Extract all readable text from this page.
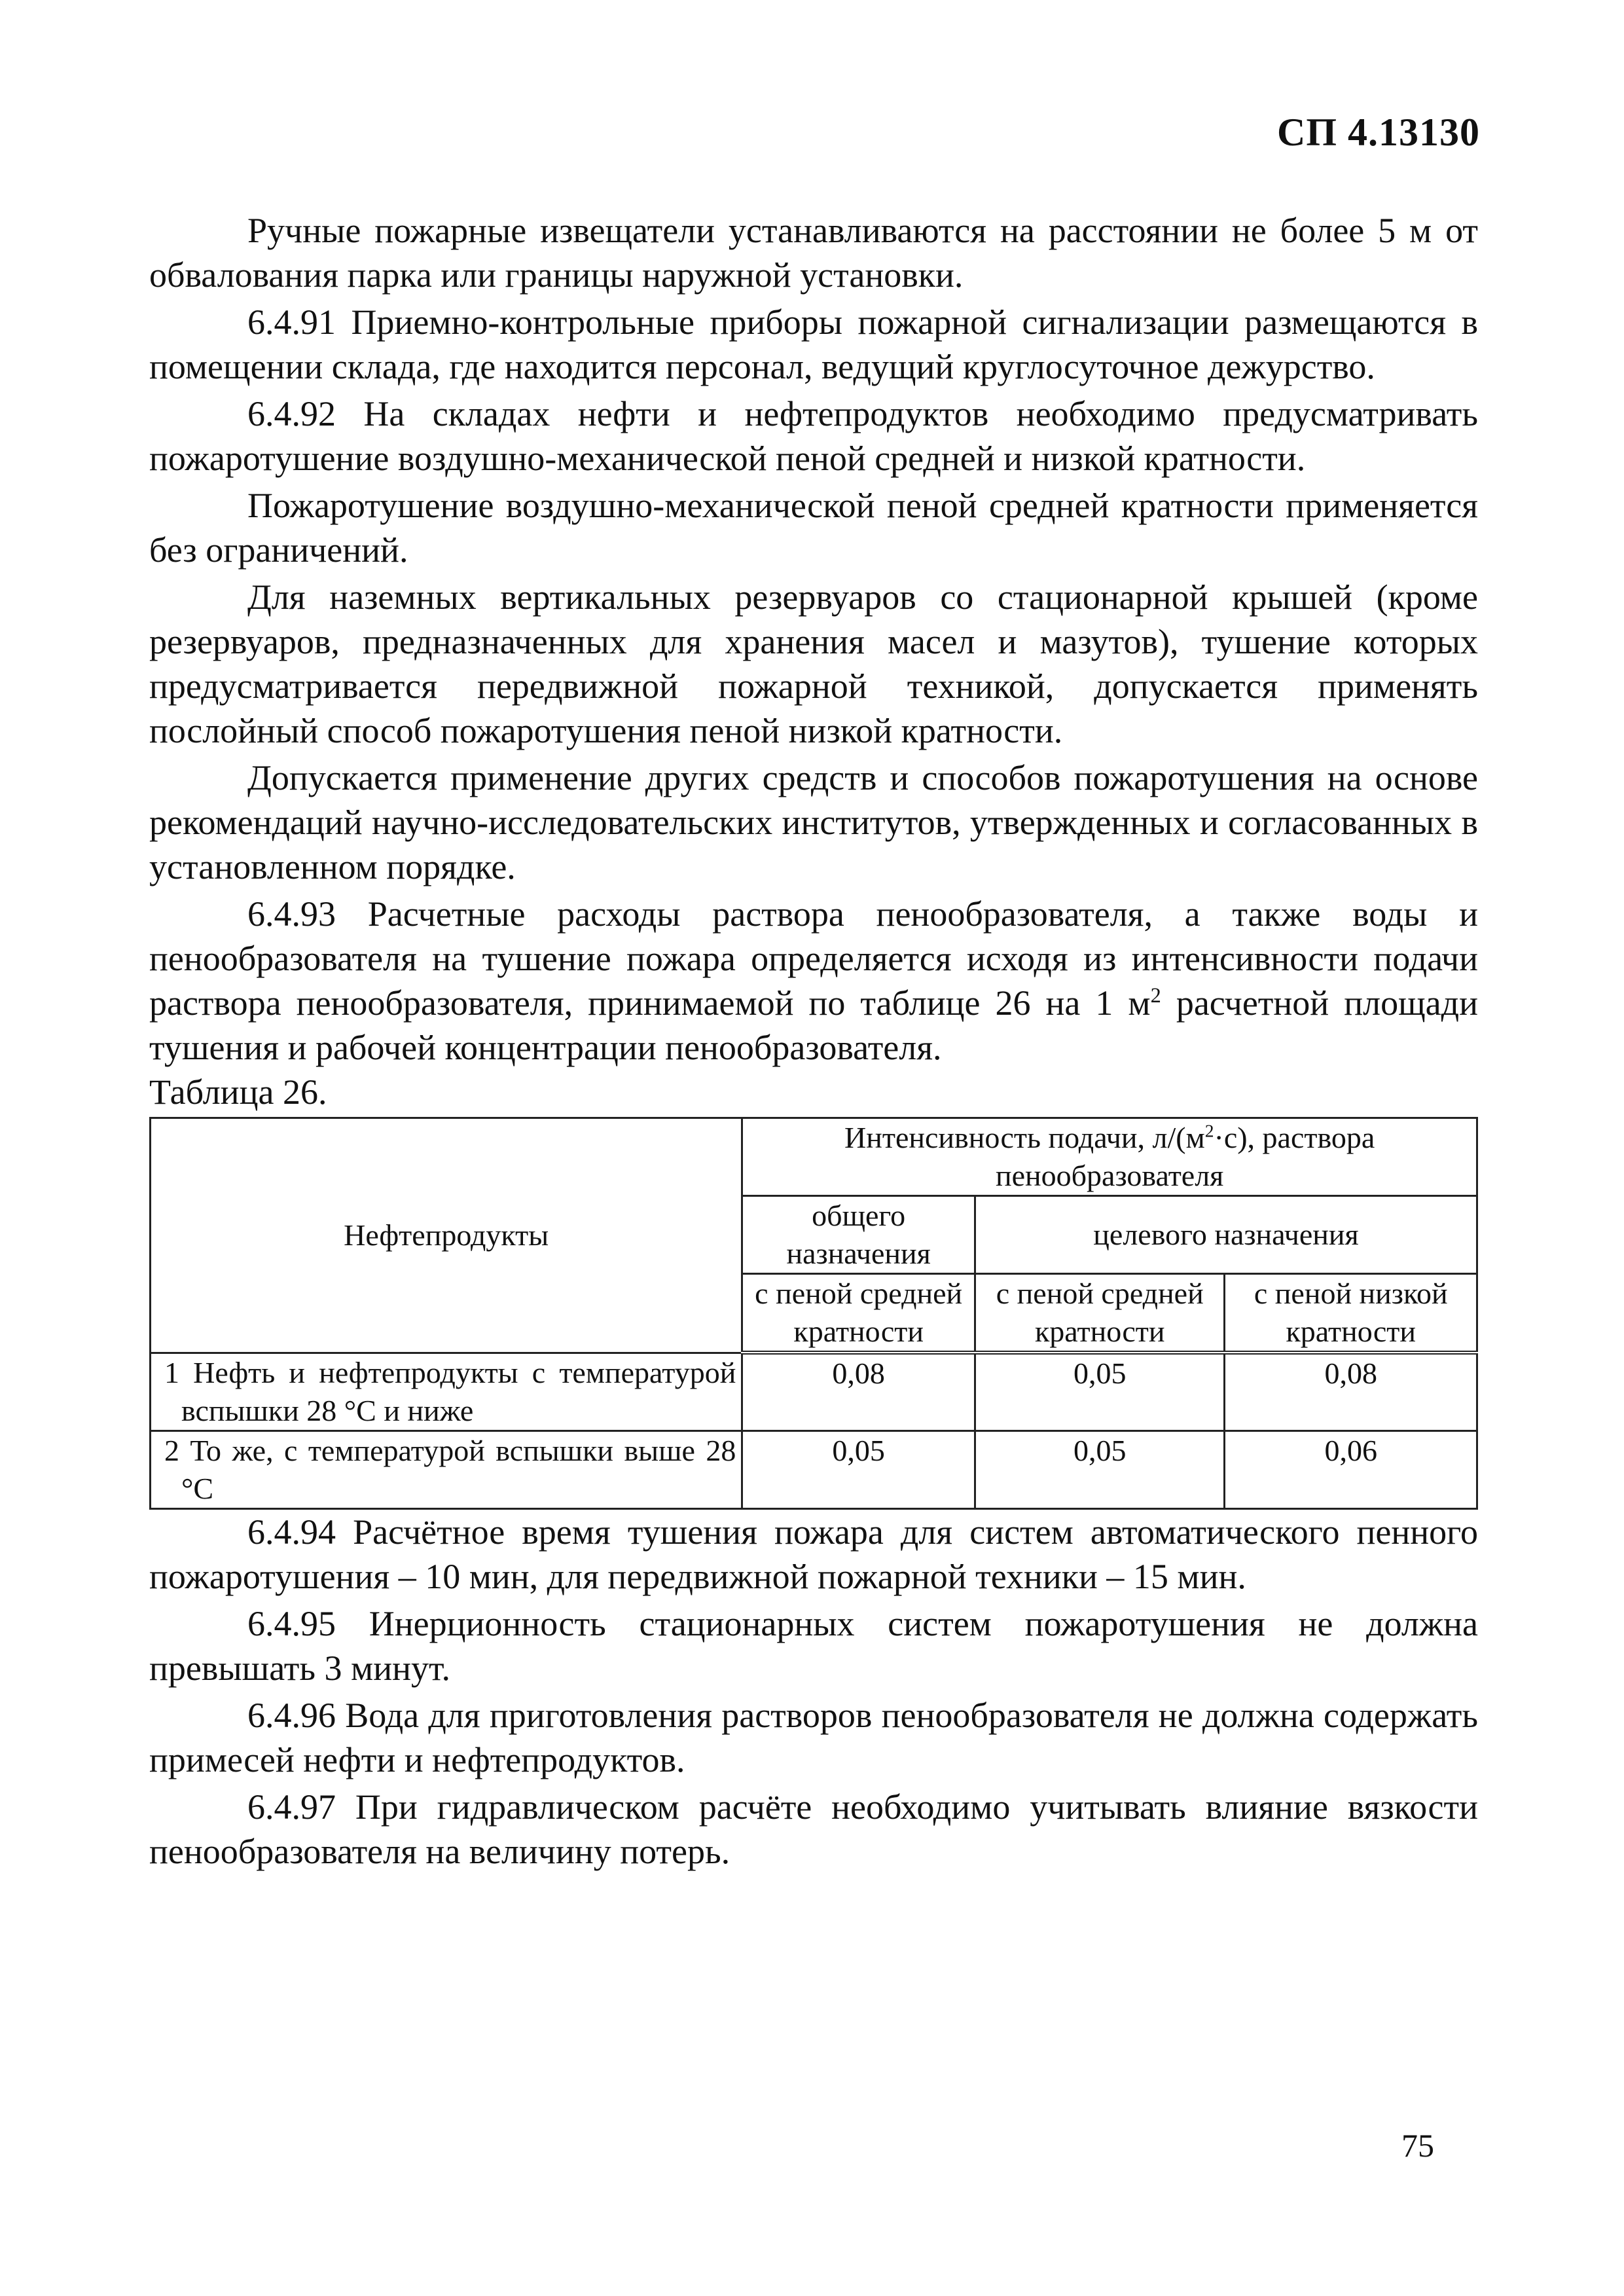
СП 4.13130

Ручные пожарные извещатели устанавливаются на расстоянии не более 5 м от обвалования парка или границы наружной установки.

6.4.91 Приемно-контрольные приборы пожарной сигнализации размещаются в помещении склада, где находится персонал, ведущий круглосуточное дежурство.

6.4.92 На складах нефти и нефтепродуктов необходимо предусматривать пожаротушение воздушно-механической пеной средней и низкой кратности.

Пожаротушение воздушно-механической пеной средней кратности применяется без ограничений.

Для наземных вертикальных резервуаров со стационарной крышей (кроме резервуаров, предназначенных для хранения масел и мазутов), тушение которых предусматривается передвижной пожарной техникой, допускается применять послойный способ пожаротушения пеной низкой кратности.

Допускается применение других средств и способов пожаротушения на основе рекомендаций научно-исследовательских институтов, утвержденных и согласованных в установленном порядке.

6.4.93 Расчетные расходы раствора пенообразователя, а также воды и пенообразователя на тушение пожара определяется исходя из интенсивности подачи раствора пенообразователя, принимаемой по таблице 26 на 1 $м^2$ расчетной площади тушения и рабочей концентрации пенообразователя.

Таблица 26.

Нефтепродукты	Интенсивность подачи, $л/(м^2\cdot с)$, раствора пенообразователя		
	общего назначения	целевого назначения	
	с пеной средней кратности	с пеной средней кратности	с пеной низкой кратности
1 Нефть и нефтепродукты с температурой вспышки 28 °С и ниже	0,08	0,05	0,08
2 То же, с температурой вспышки выше 28 °С	0,05	0,05	0,06

6.4.94 Расчётное время тушения пожара для систем автоматического пенного пожаротушения – 10 мин, для передвижной пожарной техники – 15 мин.

6.4.95 Инерционность стационарных систем пожаротушения не должна превышать 3 минут.

6.4.96 Вода для приготовления растворов пенообразователя не должна содержать примесей нефти и нефтепродуктов.

6.4.97 При гидравлическом расчёте необходимо учитывать влияние вязкости пенообразователя на величину потерь.

75
